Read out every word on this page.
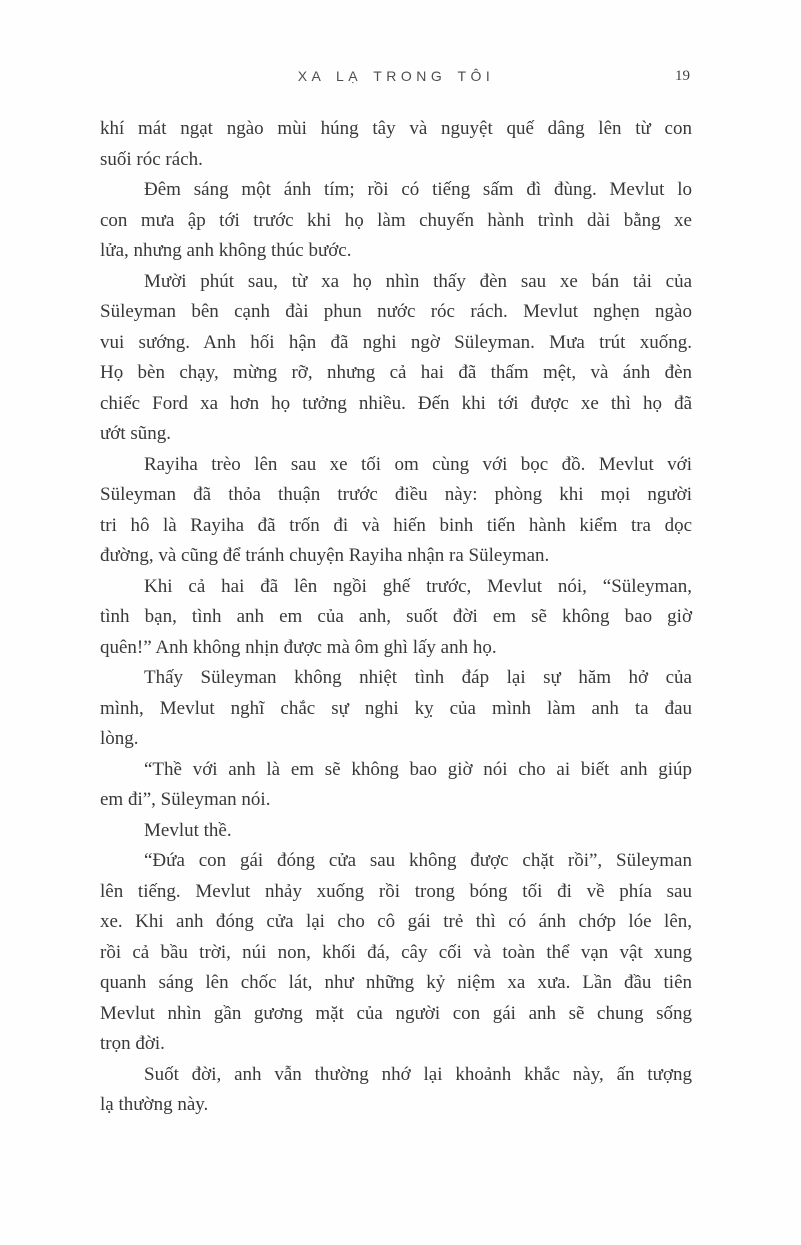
XA LẠ TRONG TÔI	19

khí mát ngạt ngào mùi húng tây và nguyệt quế dâng lên từ con
suối róc rách.

Đêm sáng một ánh tím; rồi có tiếng sấm đì đùng. Mevlut lo
con mưa ập tới trước khi họ làm chuyến hành trình dài bằng xe
lửa, nhưng anh không thúc bước.

Mười phút sau, từ xa họ nhìn thấy đèn sau xe bán tải của
Süleyman bên cạnh đài phun nước róc rách. Mevlut nghẹn ngào
vui sướng. Anh hối hận đã nghi ngờ Süleyman. Mưa trút xuống.
Họ bèn chạy, mừng rỡ, nhưng cả hai đã thấm mệt, và ánh đèn
chiếc Ford xa hơn họ tưởng nhiều. Đến khi tới được xe thì họ đã
ướt sũng.

Rayiha trèo lên sau xe tối om cùng với bọc đồ. Mevlut với
Süleyman đã thỏa thuận trước điều này: phòng khi mọi người
tri hô là Rayiha đã trốn đi và hiến binh tiến hành kiểm tra dọc
đường, và cũng để tránh chuyện Rayiha nhận ra Süleyman.

Khi cả hai đã lên ngồi ghế trước, Mevlut nói, “Süleyman,
tình bạn, tình anh em của anh, suốt đời em sẽ không bao giờ
quên!” Anh không nhịn được mà ôm ghì lấy anh họ.

Thấy Süleyman không nhiệt tình đáp lại sự hăm hở của
mình, Mevlut nghĩ chắc sự nghi kỵ của mình làm anh ta đau
lòng.

“Thề với anh là em sẽ không bao giờ nói cho ai biết anh giúp
em đi”, Süleyman nói.

Mevlut thề.

“Đứa con gái đóng cửa sau không được chặt rồi”, Süleyman
lên tiếng. Mevlut nhảy xuống rồi trong bóng tối đi về phía sau
xe. Khi anh đóng cửa lại cho cô gái trẻ thì có ánh chớp lóe lên,
rồi cả bầu trời, núi non, khối đá, cây cối và toàn thể vạn vật xung
quanh sáng lên chốc lát, như những kỷ niệm xa xưa. Lần đầu tiên
Mevlut nhìn gần gương mặt của người con gái anh sẽ chung sống
trọn đời.

Suốt đời, anh vẫn thường nhớ lại khoảnh khắc này, ấn tượng
lạ thường này.
